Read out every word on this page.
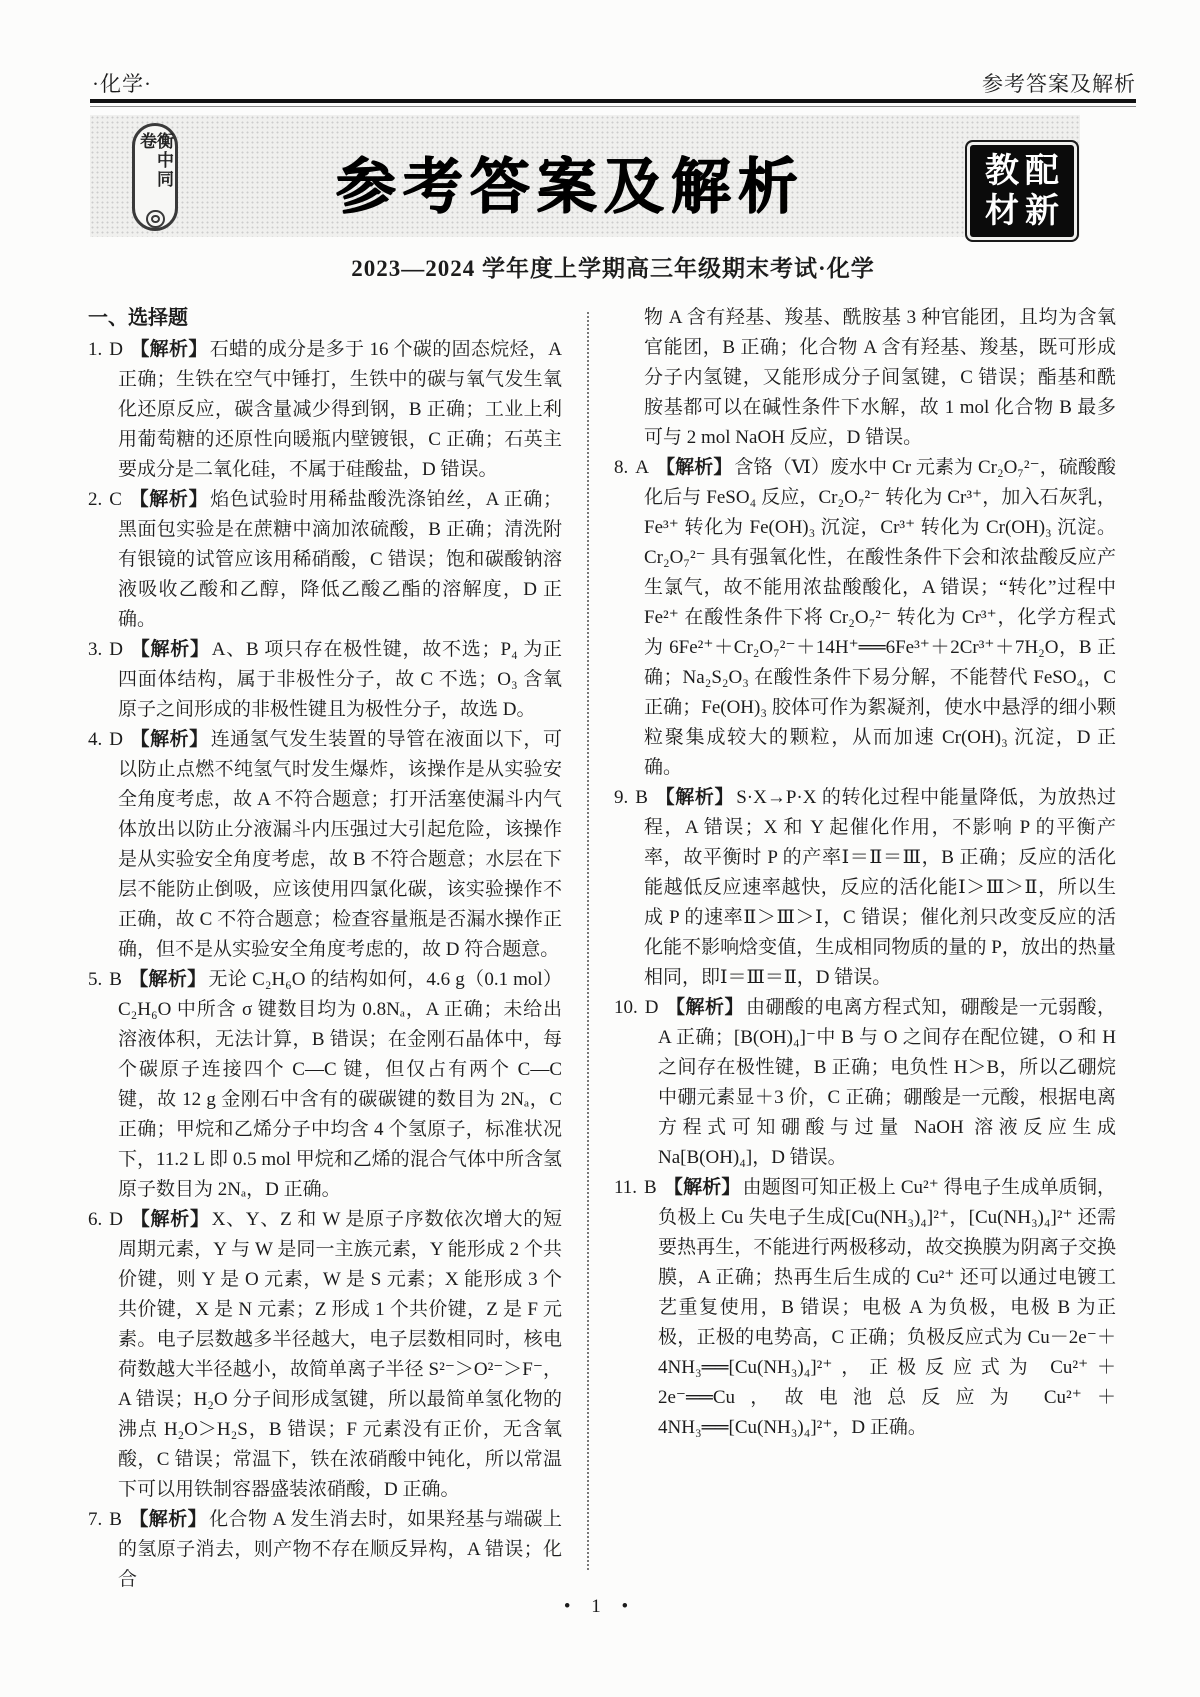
·化学·	参考答案及解析
衡中同卷
参考答案及解析	教配
材新
2023—2024 学年度上学期高三年级期末考试·化学

一、选择题

1. D 【解析】 石蜡的成分是多于 16 个碳的固态烷烃，A 正确；生铁在空气中锤打，生铁中的碳与氧气发生氧化还原反应，碳含量减少得到钢，B 正确；工业上利用葡萄糖的还原性向暖瓶内壁镀银，C 正确；石英主要成分是二氧化硅，不属于硅酸盐，D 错误。

2. C 【解析】 焰色试验时用稀盐酸洗涤铂丝，A 正确；黑面包实验是在蔗糖中滴加浓硫酸，B 正确；清洗附有银镜的试管应该用稀硝酸，C 错误；饱和碳酸钠溶液吸收乙酸和乙醇，降低乙酸乙酯的溶解度，D 正确。

3. D 【解析】 A、B 项只存在极性键，故不选；P₄ 为正四面体结构，属于非极性分子，故 C 不选；O₃ 含氧原子之间形成的非极性键且为极性分子，故选 D。

4. D 【解析】 连通氢气发生装置的导管在液面以下，可以防止点燃不纯氢气时发生爆炸，该操作是从实验安全角度考虑，故 A 不符合题意；打开活塞使漏斗内气体放出以防止分液漏斗内压强过大引起危险，该操作是从实验安全角度考虑，故 B 不符合题意；水层在下层不能防止倒吸，应该使用四氯化碳，该实验操作不正确，故 C 不符合题意；检查容量瓶是否漏水操作正确，但不是从实验安全角度考虑的，故 D 符合题意。

5. B 【解析】 无论 C₂H₆O 的结构如何，4.6 g（0.1 mol）C₂H₆O 中所含 σ 键数目均为 0.8Nₐ，A 正确；未给出溶液体积，无法计算，B 错误；在金刚石晶体中，每个碳原子连接四个 C—C 键，但仅占有两个 C—C 键，故 12 g 金刚石中含有的碳碳键的数目为 2Nₐ，C 正确；甲烷和乙烯分子中均含 4 个氢原子，标准状况下，11.2 L 即 0.5 mol 甲烷和乙烯的混合气体中所含氢原子数目为 2Nₐ，D 正确。

6. D 【解析】 X、Y、Z 和 W 是原子序数依次增大的短周期元素，Y 与 W 是同一主族元素，Y 能形成 2 个共价键，则 Y 是 O 元素，W 是 S 元素；X 能形成 3 个共价键，X 是 N 元素；Z 形成 1 个共价键，Z 是 F 元素。电子层数越多半径越大，电子层数相同时，核电荷数越大半径越小，故简单离子半径 S²⁻＞O²⁻＞F⁻，A 错误；H₂O 分子间形成氢键，所以最简单氢化物的沸点 H₂O＞H₂S，B 错误；F 元素没有正价，无含氧酸，C 错误；常温下，铁在浓硝酸中钝化，所以常温下可以用铁制容器盛装浓硝酸，D 正确。

7. B 【解析】 化合物 A 发生消去时，如果羟基与端碳上的氢原子消去，则产物不存在顺反异构，A 错误；化合

物 A 含有羟基、羧基、酰胺基 3 种官能团，且均为含氧官能团，B 正确；化合物 A 含有羟基、羧基，既可形成分子内氢键，又能形成分子间氢键，C 错误；酯基和酰胺基都可以在碱性条件下水解，故 1 mol 化合物 B 最多可与 2 mol NaOH 反应，D 错误。

8. A 【解析】 含铬（Ⅵ）废水中 Cr 元素为 Cr₂O₇²⁻，硫酸酸化后与 FeSO₄ 反应，Cr₂O₇²⁻ 转化为 Cr³⁺，加入石灰乳，Fe³⁺ 转化为 Fe(OH)₃ 沉淀，Cr³⁺ 转化为 Cr(OH)₃ 沉淀。Cr₂O₇²⁻ 具有强氧化性，在酸性条件下会和浓盐酸反应产生氯气，故不能用浓盐酸酸化，A 错误；“转化”过程中 Fe²⁺ 在酸性条件下将 Cr₂O₇²⁻ 转化为 Cr³⁺，化学方程式为 6Fe²⁺＋Cr₂O₇²⁻＋14H⁺══6Fe³⁺＋2Cr³⁺＋7H₂O，B 正确；Na₂S₂O₃ 在酸性条件下易分解，不能替代 FeSO₄，C 正确；Fe(OH)₃ 胶体可作为絮凝剂，使水中悬浮的细小颗粒聚集成较大的颗粒，从而加速 Cr(OH)₃ 沉淀，D 正确。

9. B 【解析】 S·X→P·X 的转化过程中能量降低，为放热过程，A 错误；X 和 Y 起催化作用，不影响 P 的平衡产率，故平衡时 P 的产率Ⅰ＝Ⅱ＝Ⅲ，B 正确；反应的活化能越低反应速率越快，反应的活化能Ⅰ＞Ⅲ＞Ⅱ，所以生成 P 的速率Ⅱ＞Ⅲ＞Ⅰ，C 错误；催化剂只改变反应的活化能不影响焓变值，生成相同物质的量的 P，放出的热量相同，即Ⅰ＝Ⅲ＝Ⅱ，D 错误。

10. D 【解析】 由硼酸的电离方程式知，硼酸是一元弱酸，A 正确；[B(OH)₄]⁻中 B 与 O 之间存在配位键，O 和 H 之间存在极性键，B 正确；电负性 H＞B，所以乙硼烷中硼元素显＋3 价，C 正确；硼酸是一元酸，根据电离方程式可知硼酸与过量 NaOH 溶液反应生成 Na[B(OH)₄]，D 错误。

11. B 【解析】 由题图可知正极上 Cu²⁺ 得电子生成单质铜，负极上 Cu 失电子生成[Cu(NH₃)₄]²⁺，[Cu(NH₃)₄]²⁺ 还需要热再生，不能进行两极移动，故交换膜为阴离子交换膜，A 正确；热再生后生成的 Cu²⁺ 还可以通过电镀工艺重复使用，B 错误；电极 A 为负极，电极 B 为正极，正极的电势高，C 正确；负极反应式为 Cu－2e⁻＋4NH₃══[Cu(NH₃)₄]²⁺，正极反应式为 Cu²⁺＋2e⁻══Cu，故电池总反应为 Cu²⁺＋4NH₃══[Cu(NH₃)₄]²⁺，D 正确。

• 1 •
